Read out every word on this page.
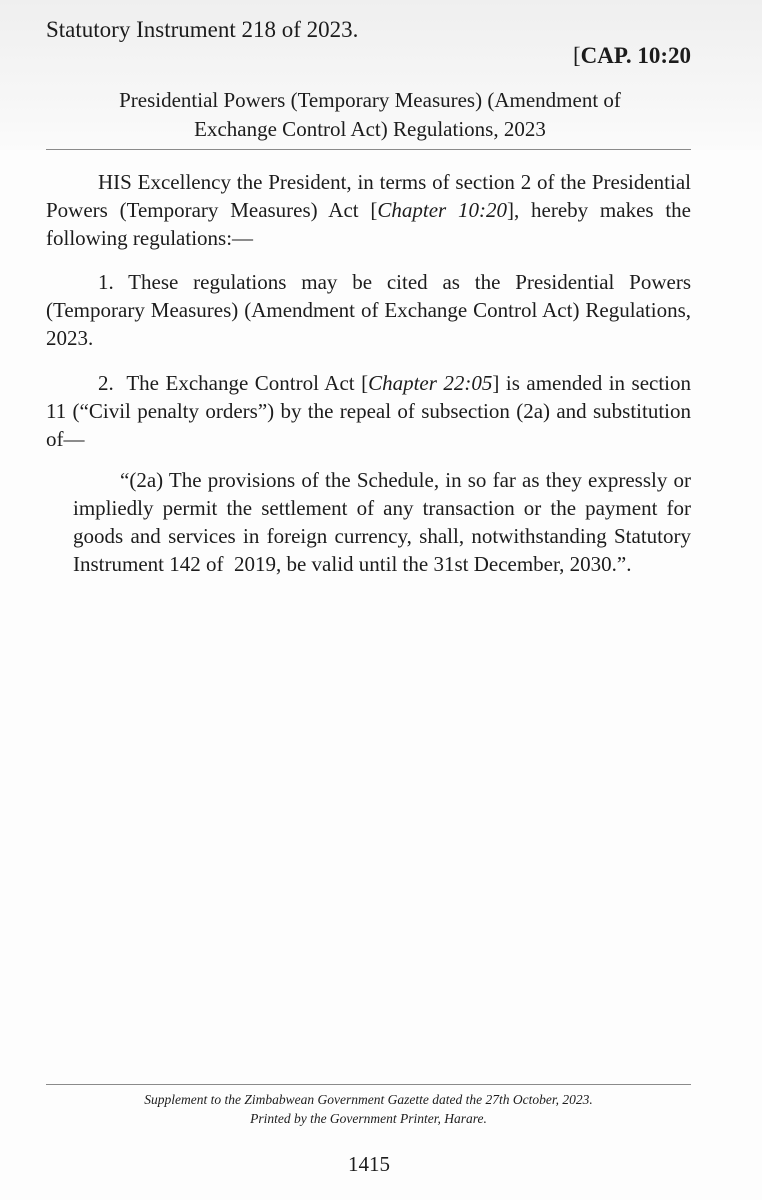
Statutory Instrument 218 of 2023.
[CAP. 10:20
Presidential Powers (Temporary Measures) (Amendment of
Exchange Control Act) Regulations, 2023

HIS Excellency the President, in terms of section 2 of the Presidential Powers (Temporary Measures) Act [Chapter 10:20], hereby makes the following regulations:—

1. These regulations may be cited as the Presidential Powers (Temporary Measures) (Amendment of Exchange Control Act) Regulations, 2023.

2.  The Exchange Control Act [Chapter 22:05] is amended in section 11 (“Civil penalty orders”) by the repeal of subsection (2a) and substitution of—

“(2a) The provisions of the Schedule, in so far as they expressly or impliedly permit the settlement of any transaction or the payment for goods and services in foreign currency, shall, notwithstanding Statutory Instrument 142 of  2019, be valid until the 31st December, 2030.”.

Supplement to the Zimbabwean Government Gazette dated the 27th October, 2023.
Printed by the Government Printer, Harare.
1415
